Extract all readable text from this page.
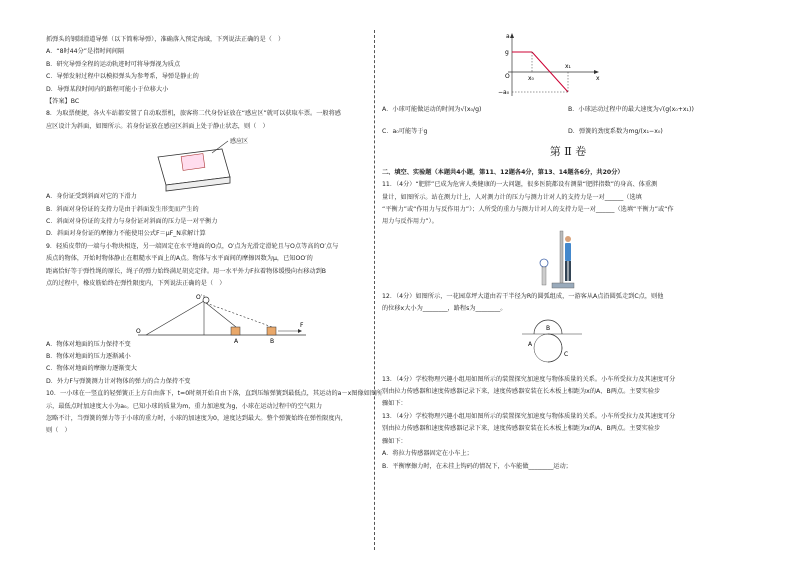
抓弹头的钢制滑道导弹（以下简称导弹），准确落入预定海域，下列说法正确的是（　）
A．“8时44分”是指时间间隔
B．研究导弹全程的运动轨迹时可将导弹视为质点
C．导弹发射过程中以模拟弹头为参考系，导弹是静止的
D．导弹某段时间内的路程可能小于位移大小
【答案】BC
8．为取票便捷，各火车站都安置了自动取票机，旅客将二代身份证放在“感应区”就可以获取车票。一般将感
应区设计为斜面，如图所示。若身份证放在感应区斜面上处于静止状态，则（　）
感应区
A．身份证受到斜面对它的下滑力
B．斜面对身份证的支持力是由于斜面发生形变而产生的
C．斜面对身份证的支持力与身份证对斜面的压力是一对平衡力
D．斜面对身份证的摩擦力不能使用公式F＝μF_N求解计算
9．轻质皮带的一端与小物块相连，另一端固定在水平地面的O点，O′点为光滑定滑轮且与O点等高的O′点与
质点的物体，开始时物体静止在粗糙水平面上的A点。物体与水平面间的摩擦因数为μ，已知OO′的
距离恰好等于弹性绳的原长，绳子的弹力始终满足胡克定律。用一水平外力F拉着物体缓慢向右移动到B
点的过程中，橡皮筋始终在弹性限度内，下列说法正确的是（　）
O′
O
A	B
F
A．物体对地面的压力保持不变
B．物体对地面的压力逐渐减小
C．物体对地面的摩擦力逐渐变大
D．外力F与弹簧测力计对物体的弹力的合力保持不变
10．一小球在一竖直的轻弹簧正上方自由落下，t=0时刻开始自由下落，直到压缩弹簧到最低点，其运动的a－x图像如图所
示，最低点时加速度大小为a₀。已知小球的质量为m，重力加速度为g，小球在运动过程中的空气阻力
忽略不计，当弹簧的弹力等于小球的重力时，小球的加速度为0，速度达到最大。整个弹簧始终在弹性限度内，
则（　）
a
g
O	x₀
x₁
x
−a₀
A．小球可能做运动的时间为√(x₀/g)	B．小球运动过程中的最大速度为√(g(x₀+x₁))
C．a₀可能等于g	D．弹簧的劲度系数为mg/(x₁−x₀)
第 Ⅱ 卷
二、填空、实验题（本题共4小题，第11、12题各4分，第13、14题各6分，共20分）
11．（4分）“肥胖”已成为危害人类健康的一大问题，很多医院都设有测量“肥胖指数”的身高、体重测
量计，如图所示。站在测力计上，人对测力计的压力与测力计对人的支持力是一对______（选填
“平衡力”或“作用力与反作用力”）；人所受的重力与测力计对人的支持力是一对______（选填“平衡力”或“作
用力与反作用力”）。
12．（4分）如图所示，一花园草坪大道由若干半径为R的圆弧组成，一游客从A点沿圆弧走到C点，则他
的位移x大小为________，路程s为________。
A
B
C
13．（4分）学校物理兴趣小组用如图所示的装置探究加速度与物体质量的关系。小车所受拉力及其速度可分
别由拉力传感器和速度传感器记录下来，速度传感器安装在长木板上相距为x的A、B两点。主要实验步
骤如下：
13．（4分）学校物理兴趣小组用如图所示的装置探究加速度与物体质量的关系。小车所受拉力及其速度可分
别由拉力传感器和速度传感器记录下来，速度传感器安装在长木板上相距为x的A、B两点。主要实验步
骤如下：
A．将拉力传感器固定在小车上；
B．平衡摩擦力时，在未挂上钩码的情况下，小车能做________运动；
